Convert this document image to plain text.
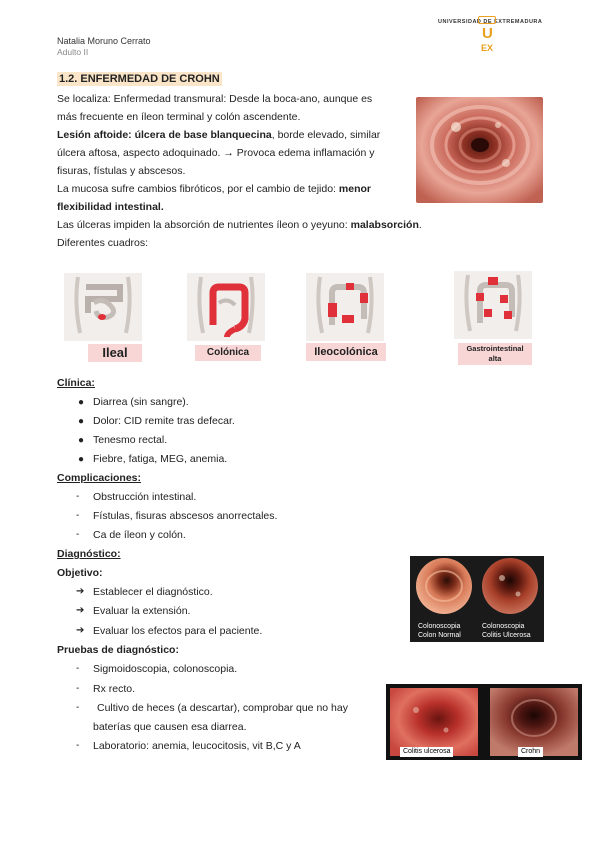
Natalia Moruno Cerrato
Adulto II
UNIVERSIDAD DE EXTREMADURA
U
EX
1.2. ENFERMEDAD DE CROHN
Se localiza: Enfermedad transmural: Desde la boca-ano, aunque es
más frecuente en íleon terminal y colón ascendente.
Lesión aftoide: úlcera de base blanquecina, borde elevado, similar
úlcera aftosa, aspecto adoquinado. → Provoca edema inflamación y
fisuras, fístulas y abscesos.
La mucosa sufre cambios fibróticos, por el cambio de tejido: menor
flexibilidad intestinal.
Las úlceras impiden la absorción de nutrientes íleon o yeyuno: malabsorción.
Diferentes cuadros:
Ileal	Colónica	Ileocolónica	Gastrointestinal
alta
Clínica:
● Diarrea (sin sangre).
● Dolor: CID remite tras defecar.
● Tenesmo rectal.
● Fiebre, fatiga, MEG, anemia.
Complicaciones:
- Obstrucción intestinal.
- Fístulas, fisuras abscesos anorrectales.
- Ca de íleon y colón.
Diagnóstico:
Objetivo:
➔ Establecer el diagnóstico.
➔ Evaluar la extensión.
➔ Evaluar los efectos para el paciente.
Pruebas de diagnóstico:
- Sigmoidoscopia, colonoscopia.
- Rx recto.
- Cultivo de heces (a descartar), comprobar que no hay
baterías que causen esa diarrea.
- Laboratorio: anemia, leucocitosis, vit B,C y A
Colonoscopia
Colon Normal
Colonoscopia
Colitis Ulcerosa
Colitis ulcerosa	Crohn
